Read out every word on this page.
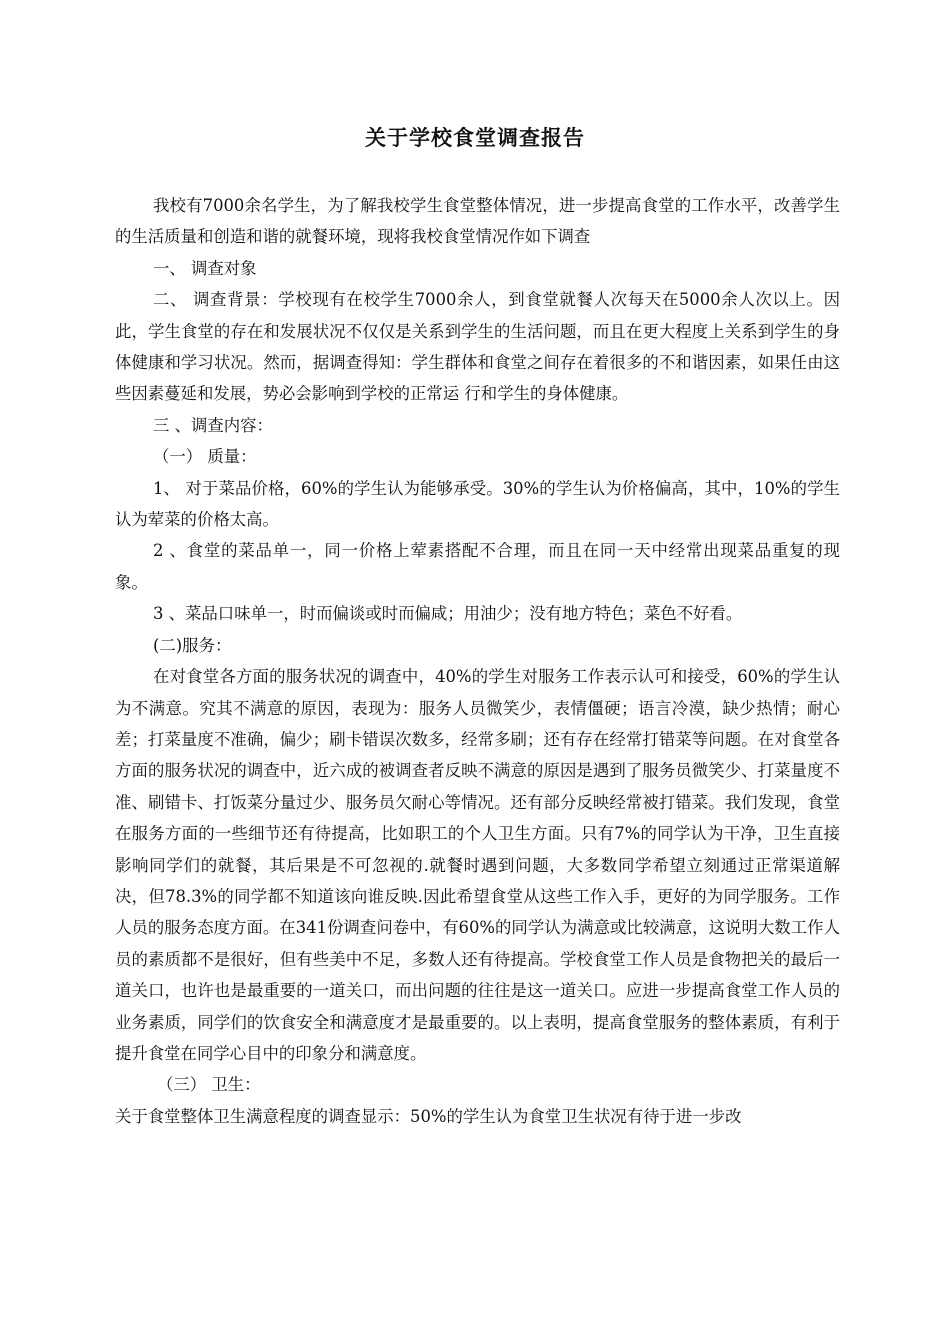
关于学校食堂调查报告

我校有7000余名学生，为了解我校学生食堂整体情况，进一步提高食堂的工作水平，改善学生的生活质量和创造和谐的就餐环境，现将我校食堂情况作如下调查

一、 调查对象

二、 调查背景：学校现有在校学生7000余人，到食堂就餐人次每天在5000余人次以上。因此，学生食堂的存在和发展状况不仅仅是关系到学生的生活问题，而且在更大程度上关系到学生的身体健康和学习状况。然而，据调查得知：学生群体和食堂之间存在着很多的不和谐因素，如果任由这些因素蔓延和发展，势必会影响到学校的正常运 行和学生的身体健康。

三 、调查内容：

（一） 质量：

1、 对于菜品价格，60%的学生认为能够承受。30%的学生认为价格偏高，其中，10%的学生认为荤菜的价格太高。

2 、食堂的菜品单一，同一价格上荤素搭配不合理，而且在同一天中经常出现菜品重复的现象。

3 、菜品口味单一，时而偏谈或时而偏咸；用油少；没有地方特色；菜色不好看。

(二)服务：

在对食堂各方面的服务状况的调查中，40%的学生对服务工作表示认可和接受，60%的学生认为不满意。究其不满意的原因，表现为：服务人员微笑少，表情僵硬；语言冷漠，缺少热情；耐心差；打菜量度不准确，偏少；刷卡错误次数多，经常多刷；还有存在经常打错菜等问题。在对食堂各方面的服务状况的调查中，近六成的被调查者反映不满意的原因是遇到了服务员微笑少、打菜量度不准、刷错卡、打饭菜分量过少、服务员欠耐心等情况。还有部分反映经常被打错菜。我们发现，食堂在服务方面的一些细节还有待提高，比如职工的个人卫生方面。只有7%的同学认为干净，卫生直接影响同学们的就餐，其后果是不可忽视的.就餐时遇到问题，大多数同学希望立刻通过正常渠道解决，但78.3%的同学都不知道该向谁反映.因此希望食堂从这些工作入手，更好的为同学服务。工作人员的服务态度方面。在341份调查问卷中，有60%的同学认为满意或比较满意，这说明大数工作人员的素质都不是很好，但有些美中不足，多数人还有待提高。学校食堂工作人员是食物把关的最后一道关口，也许也是最重要的一道关口，而出问题的往往是这一道关口。应进一步提高食堂工作人员的业务素质，同学们的饮食安全和满意度才是最重要的。以上表明，提高食堂服务的整体素质，有利于提升食堂在同学心目中的印象分和满意度。

（三） 卫生：

关于食堂整体卫生满意程度的调查显示：50%的学生认为食堂卫生状况有待于进一步改
